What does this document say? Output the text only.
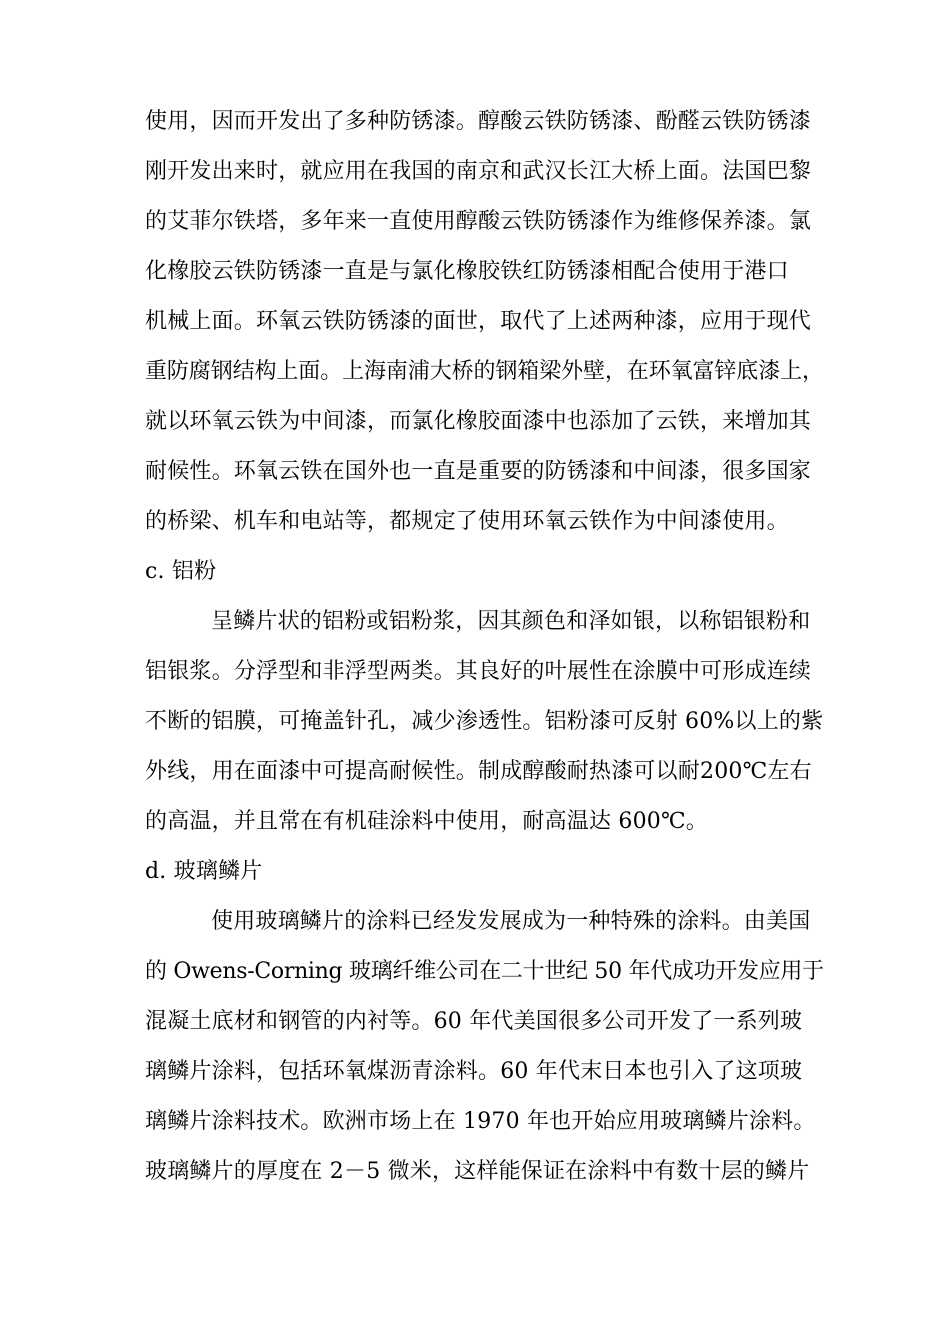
使用，因而开发出了多种防锈漆。醇酸云铁防锈漆、酚醛云铁防锈漆
刚开发出来时，就应用在我国的南京和武汉长江大桥上面。法国巴黎
的艾菲尔铁塔，多年来一直使用醇酸云铁防锈漆作为维修保养漆。氯
化橡胶云铁防锈漆一直是与氯化橡胶铁红防锈漆相配合使用于港口
机械上面。环氧云铁防锈漆的面世，取代了上述两种漆，应用于现代
重防腐钢结构上面。上海南浦大桥的钢箱梁外壁，在环氧富锌底漆上，
就以环氧云铁为中间漆，而氯化橡胶面漆中也添加了云铁，来增加其
耐候性。环氧云铁在国外也一直是重要的防锈漆和中间漆，很多国家
的桥梁、机车和电站等，都规定了使用环氧云铁作为中间漆使用。
c. 铝粉
呈鳞片状的铝粉或铝粉浆，因其颜色和泽如银，以称铝银粉和
铝银浆。分浮型和非浮型两类。其良好的叶展性在涂膜中可形成连续
不断的铝膜，可掩盖针孔，减少渗透性。铝粉漆可反射 60%以上的紫
外线，用在面漆中可提高耐候性。制成醇酸耐热漆可以耐200℃左右
的高温，并且常在有机硅涂料中使用，耐高温达 600℃。
d. 玻璃鳞片
使用玻璃鳞片的涂料已经发发展成为一种特殊的涂料。由美国
的 Owens-Corning 玻璃纤维公司在二十世纪 50 年代成功开发应用于
混凝土底材和钢管的内衬等。60 年代美国很多公司开发了一系列玻
璃鳞片涂料，包括环氧煤沥青涂料。60 年代末日本也引入了这项玻
璃鳞片涂料技术。欧洲市场上在 1970 年也开始应用玻璃鳞片涂料。
玻璃鳞片的厚度在 2－5 微米，这样能保证在涂料中有数十层的鳞片
